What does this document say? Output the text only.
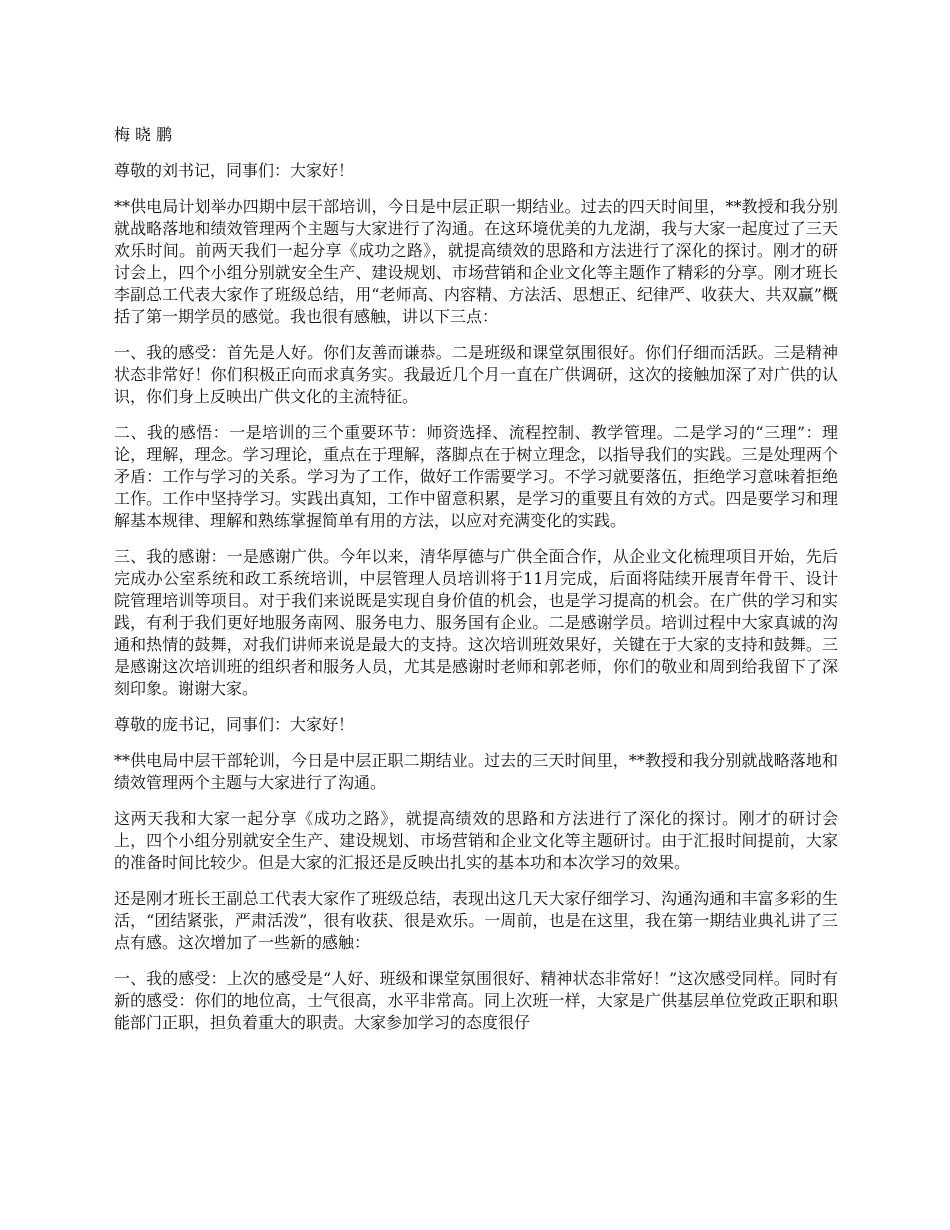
梅晓鹏

尊敬的刘书记，同事们：大家好！

**供电局计划举办四期中层干部培训，今日是中层正职一期结业。过去的四天时间里，**教授和我分别就战略落地和绩效管理两个主题与大家进行了沟通。在这环境优美的九龙湖，我与大家一起度过了三天欢乐时间。前两天我们一起分享《成功之路》，就提高绩效的思路和方法进行了深化的探讨。刚才的研讨会上，四个小组分别就安全生产、建设规划、市场营销和企业文化等主题作了精彩的分享。刚才班长李副总工代表大家作了班级总结，用“老师高、内容精、方法活、思想正、纪律严、收获大、共双赢”概括了第一期学员的感觉。我也很有感触，讲以下三点：

一、我的感受：首先是人好。你们友善而谦恭。二是班级和课堂氛围很好。你们仔细而活跃。三是精神状态非常好！你们积极正向而求真务实。我最近几个月一直在广供调研，这次的接触加深了对广供的认识，你们身上反映出广供文化的主流特征。

二、我的感悟：一是培训的三个重要环节：师资选择、流程控制、教学管理。二是学习的“三理”：理论，理解，理念。学习理论，重点在于理解，落脚点在于树立理念，以指导我们的实践。三是处理两个矛盾：工作与学习的关系。学习为了工作，做好工作需要学习。不学习就要落伍，拒绝学习意味着拒绝工作。工作中坚持学习。实践出真知，工作中留意积累，是学习的重要且有效的方式。四是要学习和理解基本规律、理解和熟练掌握简单有用的方法，以应对充满变化的实践。

三、我的感谢：一是感谢广供。今年以来，清华厚德与广供全面合作，从企业文化梳理项目开始，先后完成办公室系统和政工系统培训，中层管理人员培训将于11月完成，后面将陆续开展青年骨干、设计院管理培训等项目。对于我们来说既是实现自身价值的机会，也是学习提高的机会。在广供的学习和实践，有利于我们更好地服务南网、服务电力、服务国有企业。二是感谢学员。培训过程中大家真诚的沟通和热情的鼓舞，对我们讲师来说是最大的支持。这次培训班效果好，关键在于大家的支持和鼓舞。三是感谢这次培训班的组织者和服务人员，尤其是感谢时老师和郭老师，你们的敬业和周到给我留下了深刻印象。谢谢大家。

尊敬的庞书记，同事们：大家好！

**供电局中层干部轮训，今日是中层正职二期结业。过去的三天时间里，**教授和我分别就战略落地和绩效管理两个主题与大家进行了沟通。

这两天我和大家一起分享《成功之路》，就提高绩效的思路和方法进行了深化的探讨。刚才的研讨会上，四个小组分别就安全生产、建设规划、市场营销和企业文化等主题研讨。由于汇报时间提前，大家的准备时间比较少。但是大家的汇报还是反映出扎实的基本功和本次学习的效果。

还是刚才班长王副总工代表大家作了班级总结，表现出这几天大家仔细学习、沟通沟通和丰富多彩的生活，“团结紧张，严肃活泼”，很有收获、很是欢乐。一周前，也是在这里，我在第一期结业典礼讲了三点有感。这次增加了一些新的感触：

一、我的感受：上次的感受是“人好、班级和课堂氛围很好、精神状态非常好！”这次感受同样。同时有新的感受：你们的地位高，士气很高，水平非常高。同上次班一样，大家是广供基层单位党政正职和职能部门正职，担负着重大的职责。大家参加学习的态度很仔
